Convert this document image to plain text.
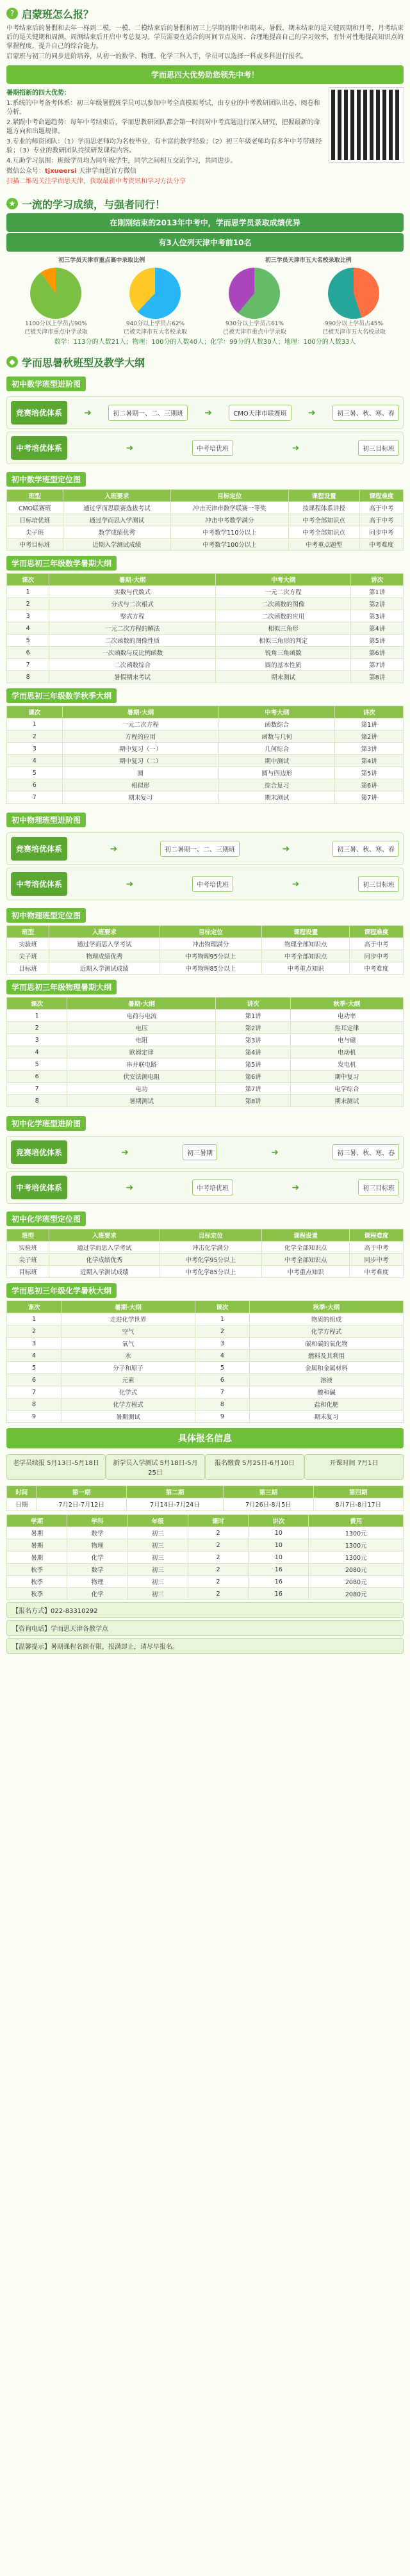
? 启蒙班怎么报？
中考结束后的暑假和去年一样到二模，一模、二模结束后的暑假和初三上学期的期中和期末，暑假、期末结束的是关键周期和月考，月考结束后的是关键期和周测，周测结束后开启中考总复习。学员需要在适合的时间节点及时、合理地提高自己的学习效率，有针对性地提高知识点的掌握程度，提升自己的综合能力。
启蒙班与初三的同步进阶培养，从初一的数学、物理、化学三科入手，学员可以选择一科或多科进行报名。
学而思四大优势助您领先中考！
暑期招新的四大优势：
1.系统的中考备考体系：初三年级暑假班学员可以参加中考全真模拟考试，由专业的中考教研团队出卷、阅卷和分析。
2.紧跟中考命题趋势：每年中考结束后，学而思教研团队都会第一时间对中考真题进行深入研究，把握最新的命题方向和出题规律。
3.专业的师资团队：（1）学而思老师均为名校毕业，有丰富的教学经验；（2）初三年级老师均有多年中考带班经验；（3）专业的教研团队持续研发课程内容。
4.互助学习氛围：班级学员均为同年级学生，同学之间相互交流学习，共同进步。
微信公众号：tjxueersi 天津学而思官方微信
扫描二维码关注学而思天津，获取最新中考资讯和学习方法分享
★ 一流的学习成绩，与强者同行！
在刚刚结束的2013年中考中，学而思学员录取成绩优异
有3人位列天津中考前10名
初三学员天津市重点高中录取比例	初三学员天津市五大名校录取比例
1100分以上学员占90%
已被天津市重点中学录取
940分以上学员占62%
已被天津市五大名校录取
930分以上学员占61%
已被天津市重点中学录取
990分以上学员占45%
已被天津市五大名校录取
数学：113分的人数21人；物理：100分的人数40人；化学：99分的人数30人；地理：100分的人数33人
◆ 学而思暑秋班型及教学大纲
初中数学班型进阶图
竞赛培优体系	➜	初二暑期一、二、三期班	➜	CMO天津市联赛班	➜	初三暑、秋、寒、春
中考培优体系	➜	中考培优班	➜	初三目标班
初中数学班型定位图
班型	入班要求	目标定位	课程设置	课程难度
CMO联赛班	通过学而思联赛选拔考试	冲击天津市数学联赛一等奖	按课程体系讲授	高于中考
目标培优班	通过学而思入学测试	冲击中考数学满分	中考全部知识点	高于中考
尖子班	数学成绩优秀	中考数学110分以上	中考全部知识点	同步中考
中考目标班	近期入学测试成绩	中考数学100分以上	中考重点题型	中考难度
学而思初三年级数学暑期大纲
课次	暑期·大纲	中考大纲	讲次
1	实数与代数式	一元二次方程	第1讲
2	分式与二次根式	二次函数的图像	第2讲
3	整式方程	二次函数的应用	第3讲
4	一元二次方程的解法	相似三角形	第4讲
5	二次函数的图像性质	相似三角形的判定	第5讲
6	一次函数与反比例函数	锐角三角函数	第6讲
7	二次函数综合	圆的基本性质	第7讲
8	暑假期末考试	期末测试	第8讲
学而思初三年级数学秋季大纲
课次	暑期·大纲	中考大纲	讲次
1	一元二次方程	函数综合	第1讲
2	方程的应用	函数与几何	第2讲
3	期中复习（一）	几何综合	第3讲
4	期中复习（二）	期中测试	第4讲
5	圆	圆与四边形	第5讲
6	相似形	综合复习	第6讲
7	期末复习	期末测试	第7讲
初中物理班型进阶图
竞赛培优体系	➜	初二暑期一、二、三期班	➜	初三暑、秋、寒、春
中考培优体系	➜	中考培优班	➜	初三目标班
初中物理班型定位图
班型	入班要求	目标定位	课程设置	课程难度
实验班	通过学而思入学考试	冲击物理满分	物理全部知识点	高于中考
尖子班	物理成绩优秀	中考物理95分以上	中考全部知识点	同步中考
目标班	近期入学测试成绩	中考物理85分以上	中考重点知识	中考难度
学而思初三年级物理暑期大纲
课次	暑期·大纲	讲次	秋季·大纲
1	电荷与电流	第1讲	电功率
2	电压	第2讲	焦耳定律
3	电阻	第3讲	电与磁
4	欧姆定律	第4讲	电动机
5	串并联电路	第5讲	发电机
6	伏安法测电阻	第6讲	期中复习
7	电功	第7讲	电学综合
8	暑期测试	第8讲	期末测试
初中化学班型进阶图
竞赛培优体系	➜	初三暑期	➜	初三暑、秋、寒、春
中考培优体系	➜	中考培优班	➜	初三目标班
初中化学班型定位图
班型	入班要求	目标定位	课程设置	课程难度
实验班	通过学而思入学考试	冲击化学满分	化学全部知识点	高于中考
尖子班	化学成绩优秀	中考化学95分以上	中考全部知识点	同步中考
目标班	近期入学测试成绩	中考化学85分以上	中考重点知识	中考难度
学而思初三年级化学暑秋大纲
课次	暑期·大纲	课次	秋季·大纲
1	走进化学世界	1	物质的组成
2	空气	2	化学方程式
3	氧气	3	碳和碳的氧化物
4	水	4	燃料及其利用
5	分子和原子	5	金属和金属材料
6	元素	6	溶液
7	化学式	7	酸和碱
8	化学方程式	8	盐和化肥
9	暑期测试	9	期末复习
具体报名信息
老学员续报 5月13日-5月18日	新学员入学测试 5月18日-5月25日
报名缴费 5月25日-6月10日	开课时间 7月1日
时间	第一期	第二期	第三期	第四期
日期	7月2日-7月12日	7月14日-7月24日	7月26日-8月5日	8月7日-8月17日
学期	学科	年级	课时	讲次	费用
暑期	数学	初三	2	10	1300元
暑期	物理	初三	2	10	1300元
暑期	化学	初三	2	10	1300元
秋季	数学	初三	2	16	2080元
秋季	物理	初三	2	16	2080元
秋季	化学	初三	2	16	2080元
【报名方式】022-83310292
【咨询电话】学而思天津各教学点
【温馨提示】暑期课程名额有限，报满即止，请尽早报名。
